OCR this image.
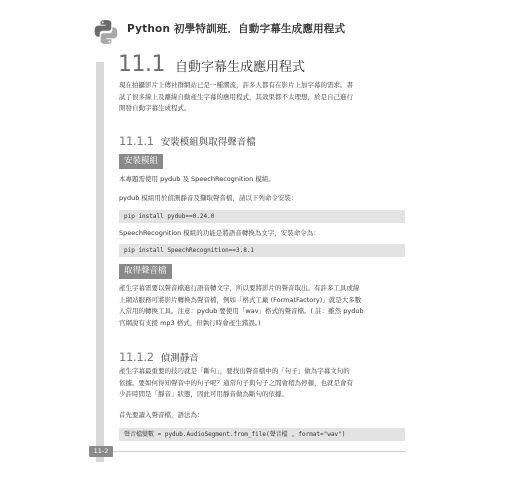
Python 初學特訓班．自動字幕生成應用程式
11.1 自動字幕生成應用程式
現在拍攝影片上傳社群網站已是一種潮流，許多人都有在影片上加字幕的需求。書
試了很多線上及離線自動產生字幕的應用程式，其效果都不太理想，於是自己進行
開發自動字幕生成程式。
11.1.1 安裝模組與取得聲音檔
安裝模組
本專題需使用 pydub 及 SpeechRecognition 模組。
pydub 模組用於偵測靜音及擷取聲音檔，請以下列命令安裝：
pip install pydub==0.24.0
SpeechRecognition 模組的功能是將語音轉換為文字，安裝命令為：
pip install SpeechRecognition==3.8.1
取得聲音檔
產生字幕需要以聲音檔進行語音轉文字，所以要將影片的聲音取出。有許多工具或線
上網站服務可將影片轉換為聲音檔，例如「格式工廠 (FormatFactory)」就是大多數
人常用的轉換工具。注意：pydub 要使用「wav」格式的聲音檔。( 註：雖然 pydub
官網說有支援 mp3 格式，但執行時會產生錯誤。)
11.1.2 偵測靜音
產生字幕最重要的技巧就是「斷句」，要找出聲音檔中的「句子」做為字幕文句的
依據。要如何得知聲音中的句子呢？通常句子與句子之間會稍為停頓，也就是會有
少許時間是「靜音」狀態，因此可用靜音做為斷句的依據。
首先要讀入聲音檔，語法為：
聲音檔變數 = pydub.AudioSegment.from_file(聲音檔 , format="wav")
11-2
